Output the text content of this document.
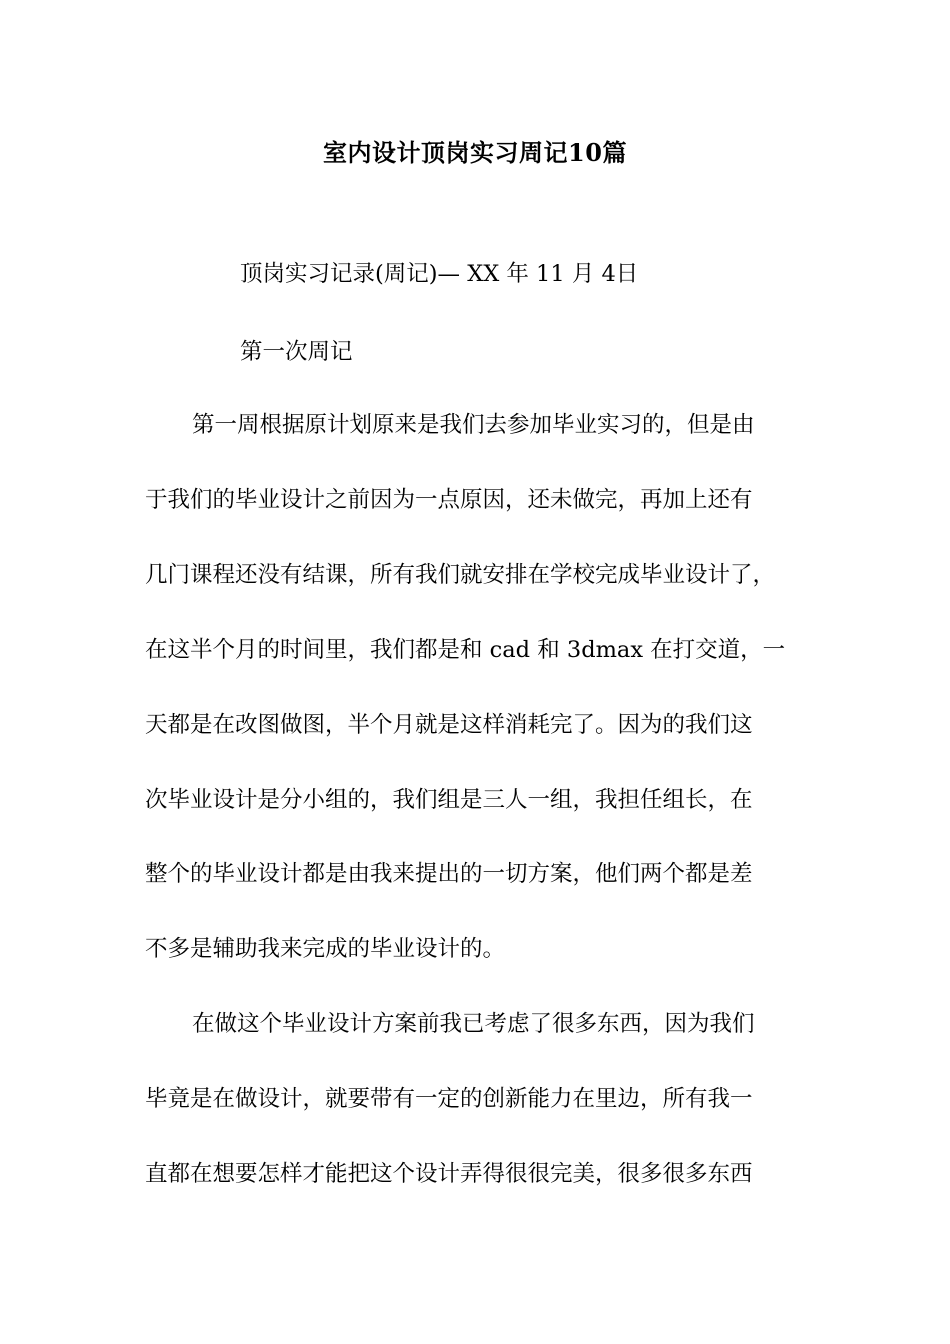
室内设计顶岗实习周记10篇
顶岗实习记录(周记)— XX 年 11 月 4日
第一次周记
第一周根据原计划原来是我们去参加毕业实习的，但是由
于我们的毕业设计之前因为一点原因，还未做完，再加上还有
几门课程还没有结课，所有我们就安排在学校完成毕业设计了，
在这半个月的时间里，我们都是和 cad 和 3dmax 在打交道，一
天都是在改图做图，半个月就是这样消耗完了。因为的我们这
次毕业设计是分小组的，我们组是三人一组，我担任组长，在
整个的毕业设计都是由我来提出的一切方案，他们两个都是差
不多是辅助我来完成的毕业设计的。
在做这个毕业设计方案前我已考虑了很多东西，因为我们
毕竟是在做设计，就要带有一定的创新能力在里边，所有我一
直都在想要怎样才能把这个设计弄得很很完美，很多很多东西
